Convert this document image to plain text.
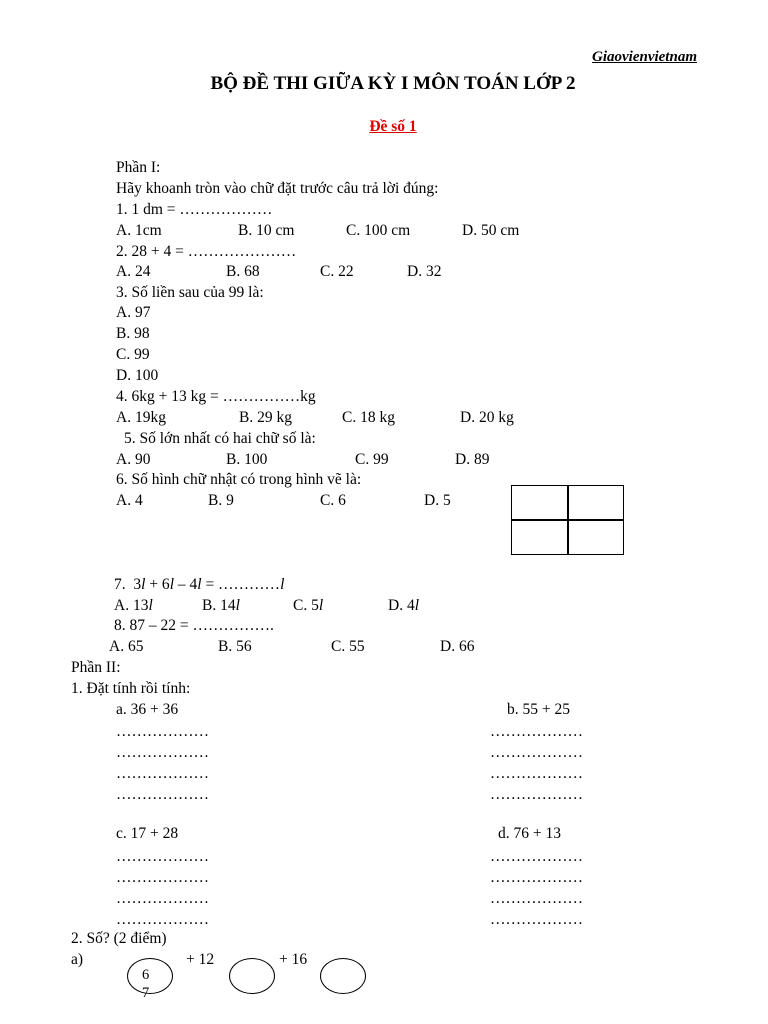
Giaovienvietnam
BỘ ĐỀ THI GIỮA KỲ I MÔN TOÁN LỚP 2
Đề số 1
Phần I:
Hãy khoanh tròn vào chữ đặt trước câu trả lời đúng:
1. 1 dm = ………………
A. 1cm	B. 10 cm	C. 100 cm	D. 50 cm
2. 28 + 4 = …………………
A. 24	B. 68	C. 22	D. 32
3. Số liền sau của 99 là:
A. 97
B. 98
C. 99
D. 100
4. 6kg + 13 kg = ……………kg
A. 19kg	B. 29 kg	C. 18 kg	D. 20 kg
5. Số lớn nhất có hai chữ số là:
A. 90	B. 100	C. 99	D. 89
6. Số hình chữ nhật có trong hình vẽ là:
A. 4	B. 9	C. 6	D. 5
7. 3l + 6l – 4l = …………l
A. 13l	B. 14l	C. 5l	D. 4l
8. 87 – 22 = …………….
A. 65	B. 56	C. 55	D. 66
Phần II:
1. Đặt tính rồi tính:
a. 36 + 36	b. 55 + 25
………………
………………
………………
………………
………………
………………
………………
………………
c. 17 + 28	d. 76 + 13
………………
………………
………………
………………
………………
………………
………………
………………
2. Số? (2 điểm)
a)	+ 12	+ 16
6
7
